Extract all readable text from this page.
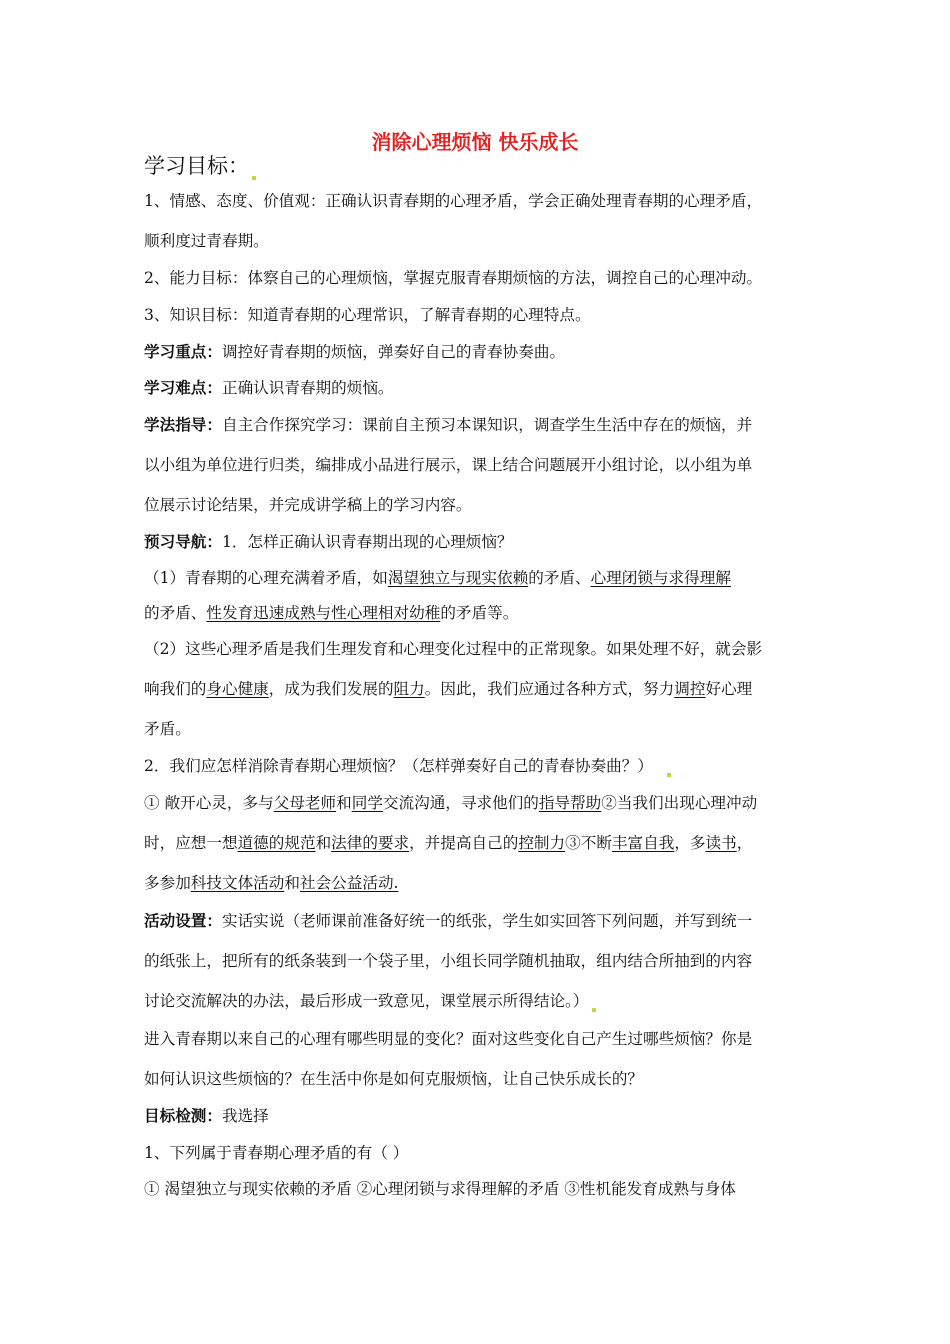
消除心理烦恼 快乐成长
学习目标：
1、情感、态度、价值观：正确认识青春期的心理矛盾，学会正确处理青春期的心理矛盾，
顺利度过青春期。
2、能力目标：体察自己的心理烦恼，掌握克服青春期烦恼的方法，调控自己的心理冲动。
3、知识目标：知道青春期的心理常识，了解青春期的心理特点。
学习重点：调控好青春期的烦恼，弹奏好自己的青春协奏曲。
学习难点：正确认识青春期的烦恼。
学法指导：自主合作探究学习：课前自主预习本课知识，调查学生生活中存在的烦恼，并
以小组为单位进行归类，编排成小品进行展示，课上结合问题展开小组讨论，以小组为单
位展示讨论结果，并完成讲学稿上的学习内容。
预习导航：1．怎样正确认识青春期出现的心理烦恼？
（1）青春期的心理充满着矛盾，如渴望独立与现实依赖的矛盾、心理闭锁与求得理解
的矛盾、性发育迅速成熟与性心理相对幼稚的矛盾等。
（2）这些心理矛盾是我们生理发育和心理变化过程中的正常现象。如果处理不好，就会影
响我们的身心健康，成为我们发展的阻力。因此，我们应通过各种方式，努力调控好心理
矛盾。
2．我们应怎样消除青春期心理烦恼？（怎样弹奏好自己的青春协奏曲？）
① 敞开心灵，多与父母老师和同学交流沟通，寻求他们的指导帮助②当我们出现心理冲动
时，应想一想道德的规范和法律的要求，并提高自己的控制力③不断丰富自我，多读书，
多参加科技文体活动和社会公益活动.
活动设置：实话实说（老师课前准备好统一的纸张，学生如实回答下列问题，并写到统一
的纸张上，把所有的纸条装到一个袋子里，小组长同学随机抽取，组内结合所抽到的内容
讨论交流解决的办法，最后形成一致意见，课堂展示所得结论。）
进入青春期以来自己的心理有哪些明显的变化？面对这些变化自己产生过哪些烦恼？你是
如何认识这些烦恼的？在生活中你是如何克服烦恼，让自己快乐成长的？
目标检测：我选择
1、下列属于青春期心理矛盾的有（ ）
① 渴望独立与现实依赖的矛盾 ②心理闭锁与求得理解的矛盾 ③性机能发育成熟与身体
